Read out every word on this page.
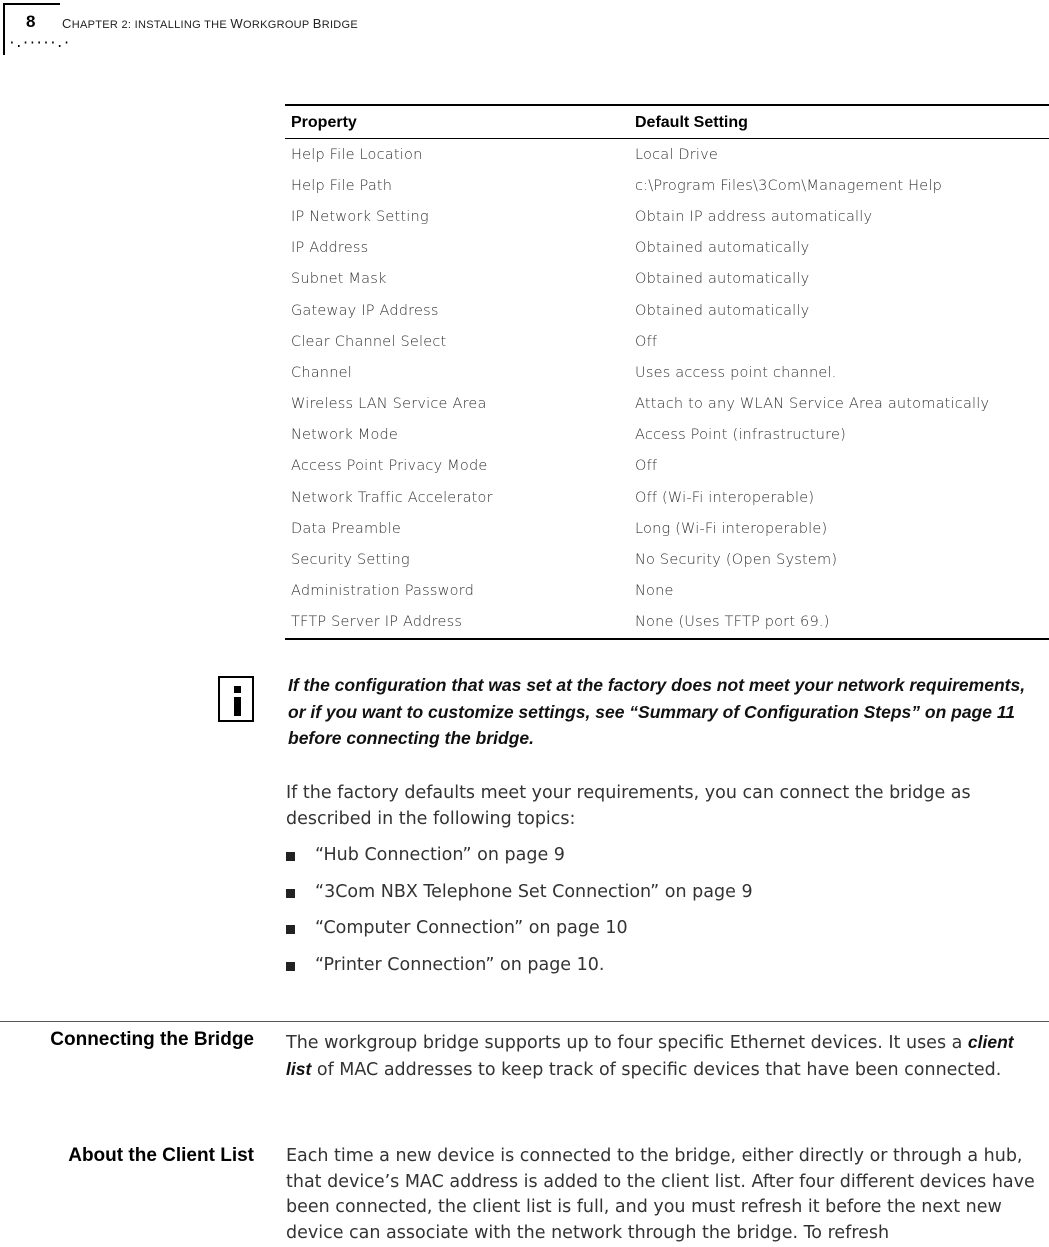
8
·.·····.·
CHAPTER 2: INSTALLING THE WORKGROUP BRIDGE
Property	Default Setting
Help File Location	Local Drive
Help File Path	c:\Program Files\3Com\Management Help
IP Network Setting	Obtain IP address automatically
IP Address	Obtained automatically
Subnet Mask	Obtained automatically
Gateway IP Address	Obtained automatically
Clear Channel Select	Off
Channel	Uses access point channel.
Wireless LAN Service Area	Attach to any WLAN Service Area automatically
Network Mode	Access Point (infrastructure)
Access Point Privacy Mode	Off
Network Traffic Accelerator	Off (Wi-Fi interoperable)
Data Preamble	Long (Wi-Fi interoperable)
Security Setting	No Security (Open System)
Administration Password	None
TFTP Server IP Address	None (Uses TFTP port 69.)

If the configuration that was set at the factory does not meet your network requirements, or if you want to customize settings, see “Summary of Configuration Steps” on page 11 before connecting the bridge.

If the factory defaults meet your requirements, you can connect the bridge as described in the following topics:

“Hub Connection” on page 9
“3Com NBX Telephone Set Connection” on page 9
“Computer Connection” on page 10
“Printer Connection” on page 10.
Connecting the Bridge The workgroup bridge supports up to four specific Ethernet devices. It uses a client list of MAC addresses to keep track of specific devices that have been connected.

About the Client List Each time a new device is connected to the bridge, either directly or through a hub, that device’s MAC address is added to the client list. After four different devices have been connected, the client list is full, and you must refresh it before the next new device can associate with the network through the bridge. To refresh
